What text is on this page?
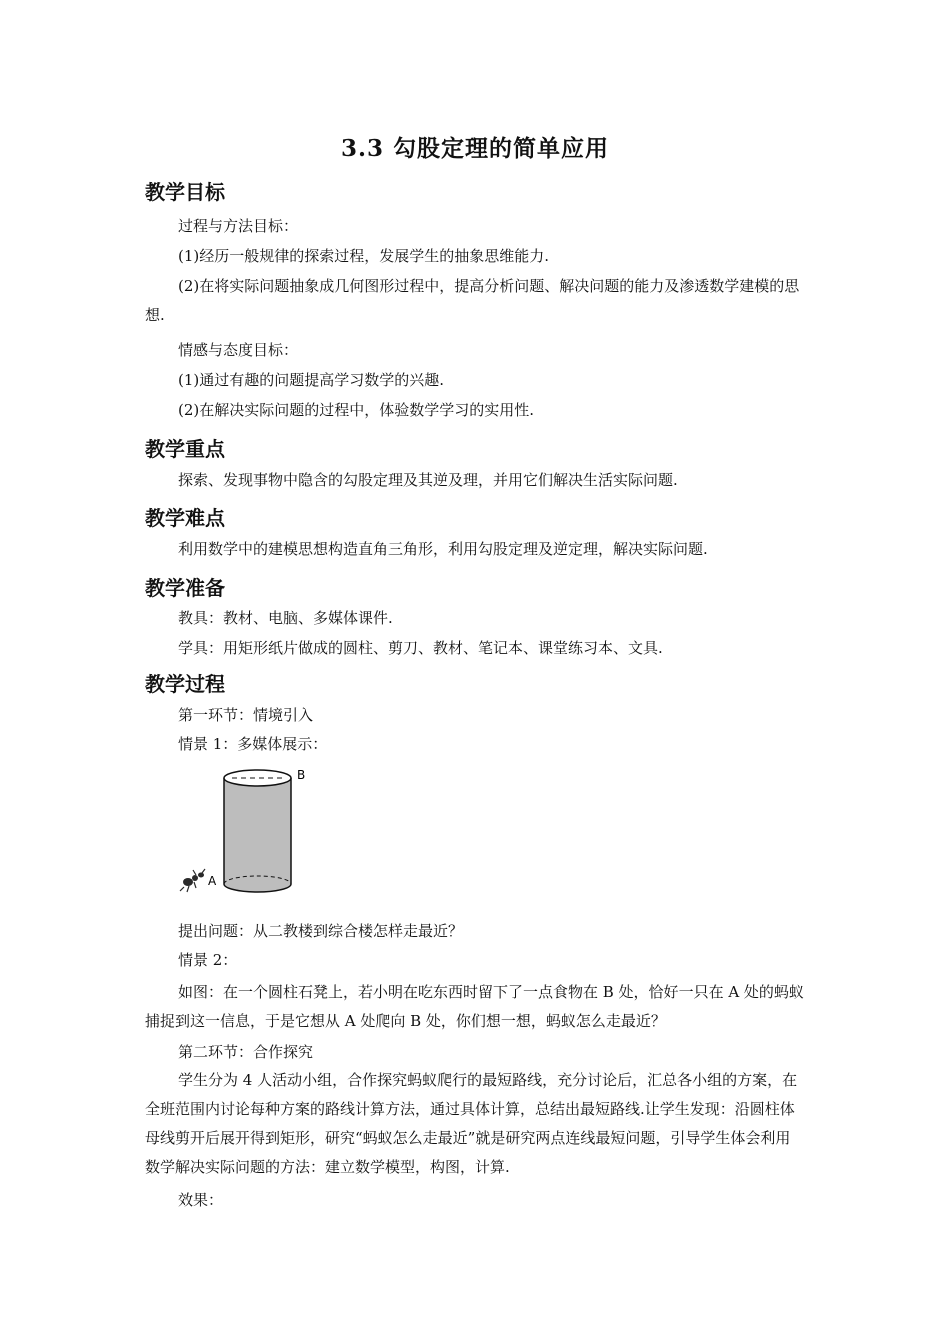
3.3 勾股定理的简单应用
教学目标
过程与方法目标：
(1)经历一般规律的探索过程，发展学生的抽象思维能力.
(2)在将实际问题抽象成几何图形过程中，提高分析问题、解决问题的能力及渗透数学建模的思想.
情感与态度目标：
(1)通过有趣的问题提高学习数学的兴趣.
(2)在解决实际问题的过程中，体验数学学习的实用性.
教学重点
探索、发现事物中隐含的勾股定理及其逆及理，并用它们解决生活实际问题.
教学难点
利用数学中的建模思想构造直角三角形，利用勾股定理及逆定理，解决实际问题.
教学准备
教具：教材、电脑、多媒体课件.
学具：用矩形纸片做成的圆柱、剪刀、教材、笔记本、课堂练习本、文具.
教学过程
第一环节：情境引入
情景 1：多媒体展示：
A
B
提出问题：从二教楼到综合楼怎样走最近？
情景 2：
如图：在一个圆柱石凳上，若小明在吃东西时留下了一点食物在 B 处，恰好一只在 A 处的蚂蚁捕捉到这一信息，于是它想从 A 处爬向 B 处，你们想一想，蚂蚁怎么走最近？
第二环节：合作探究
学生分为 4 人活动小组，合作探究蚂蚁爬行的最短路线，充分讨论后，汇总各小组的方案，在全班范围内讨论每种方案的路线计算方法，通过具体计算，总结出最短路线.让学生发现：沿圆柱体母线剪开后展开得到矩形，研究“蚂蚁怎么走最近”就是研究两点连线最短问题，引导学生体会利用数学解决实际问题的方法：建立数学模型，构图，计算.
效果：
